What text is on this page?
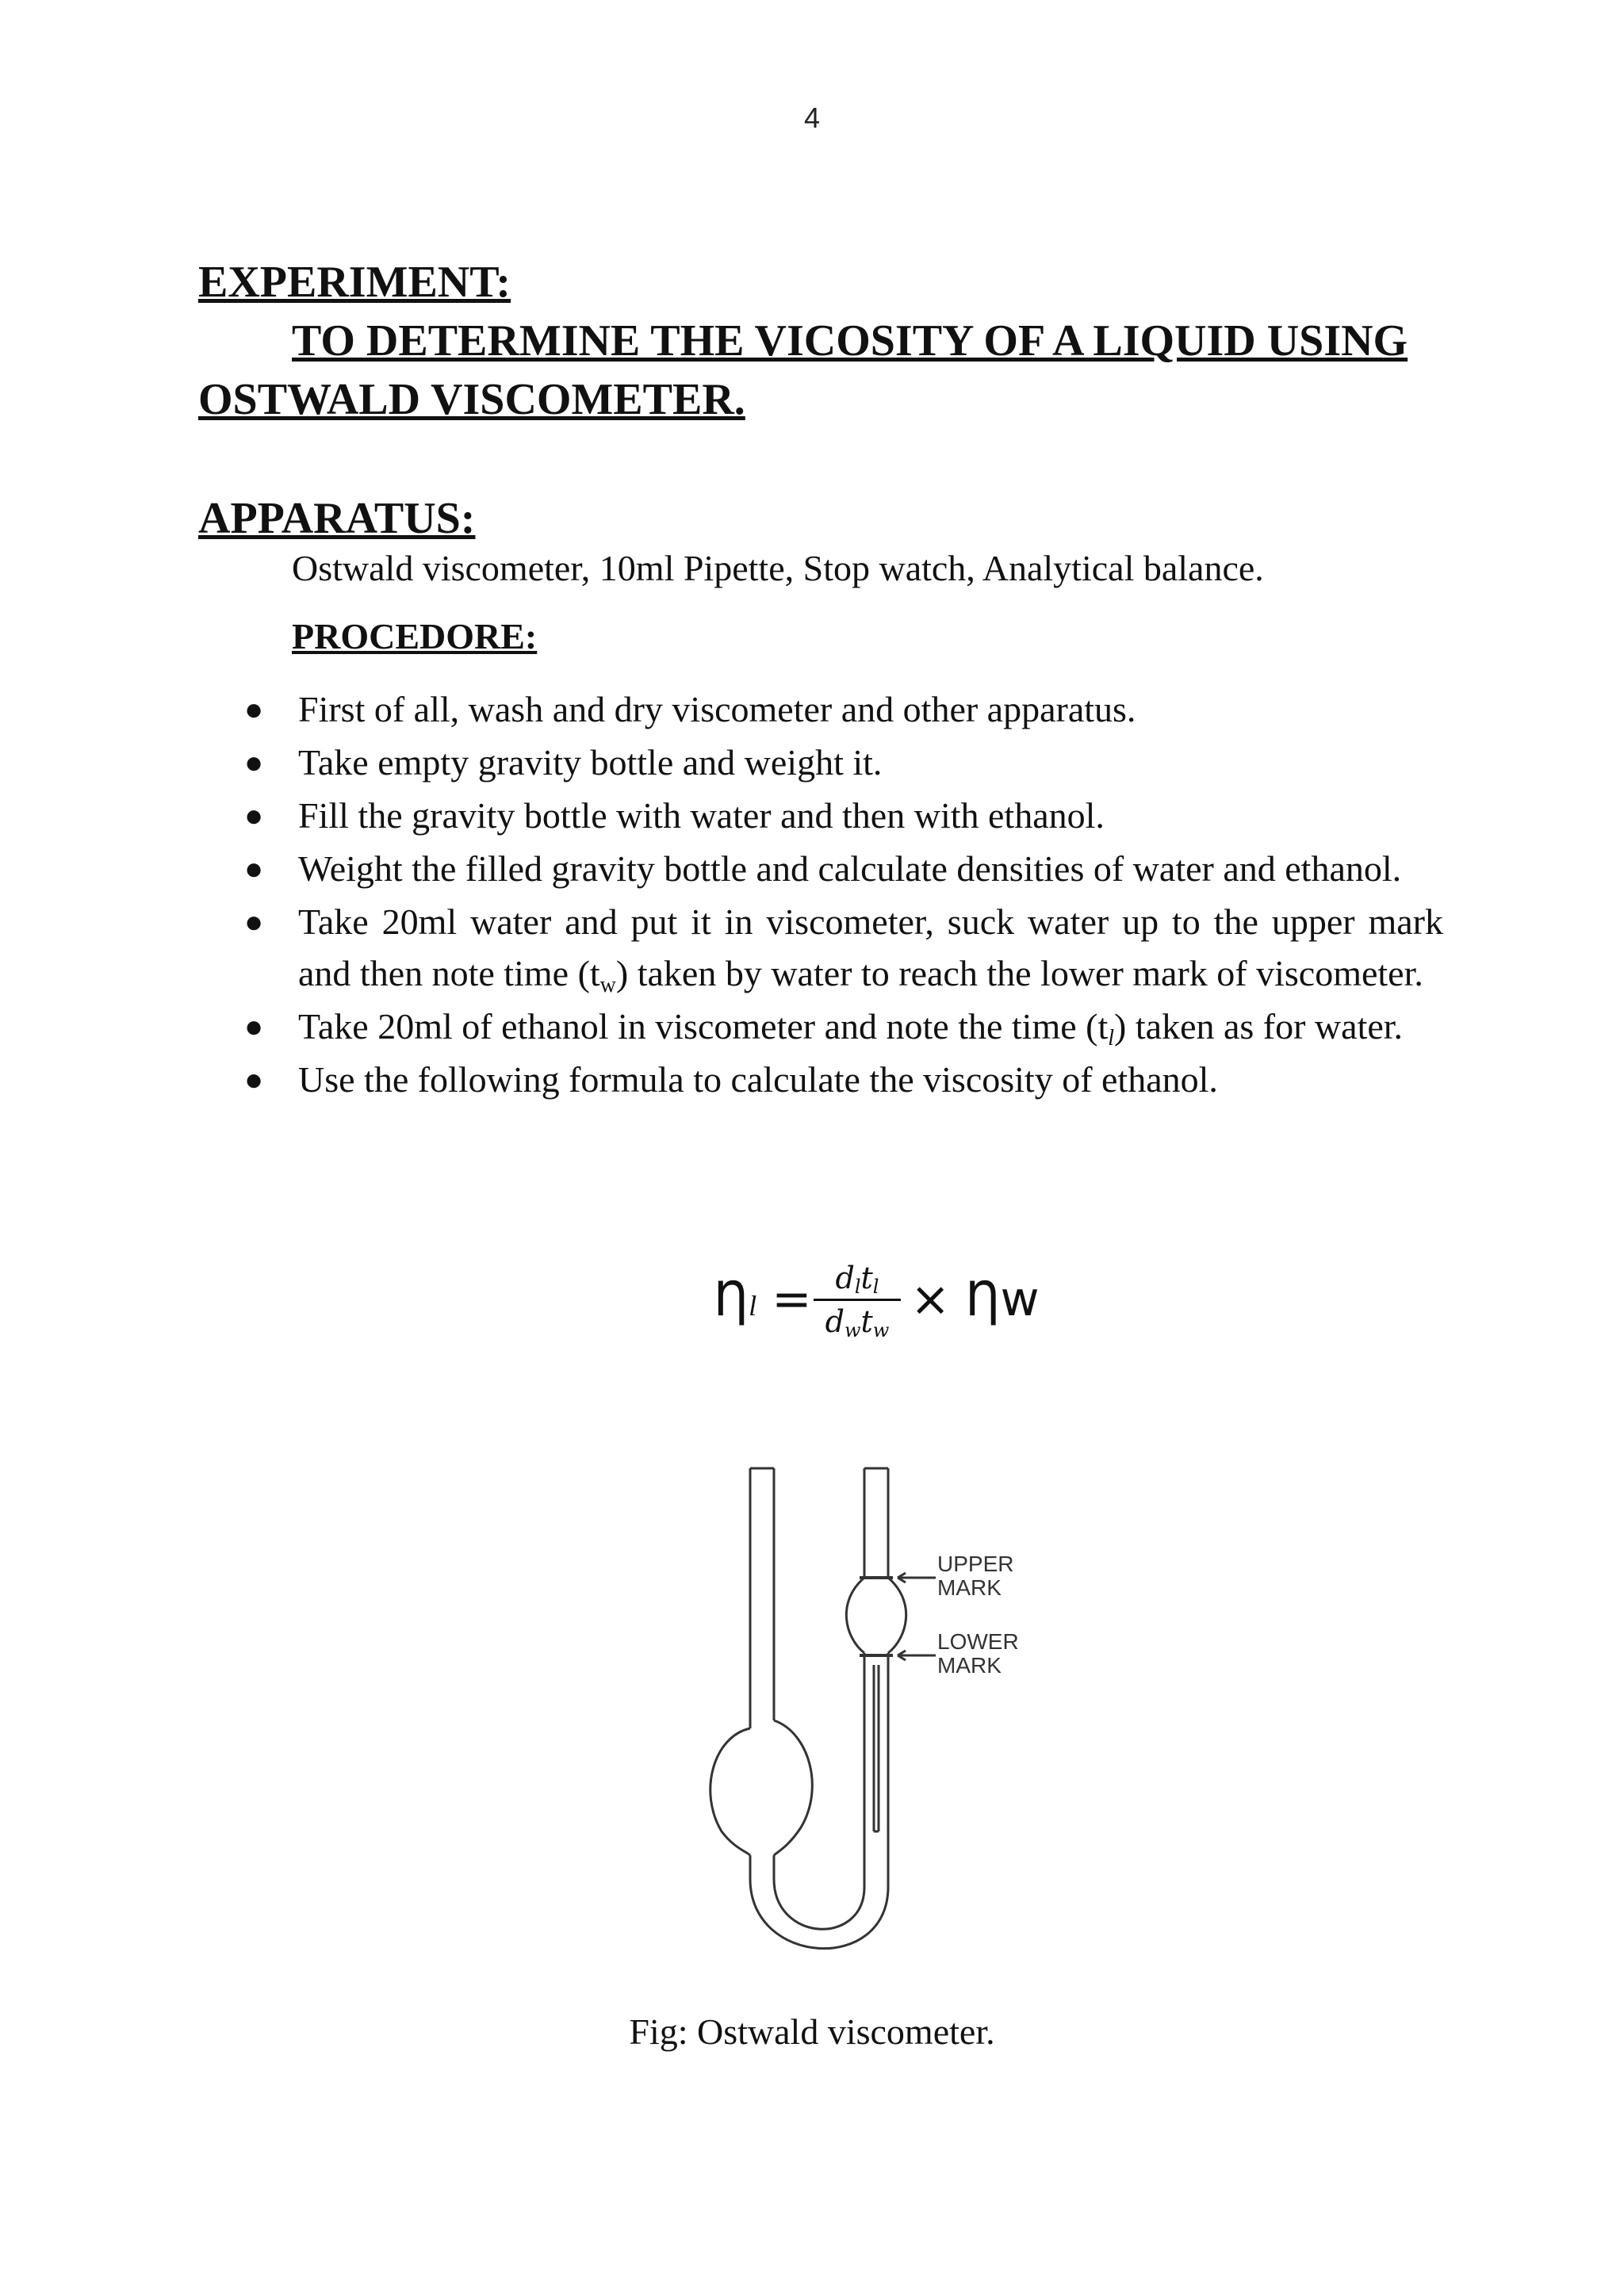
4
EXPERIMENT:
TO DETERMINE THE VICOSITY OF A LIQUID USING
OSTWALD VISCOMETER.
APPARATUS:
Ostwald viscometer, 10ml Pipette, Stop watch, Analytical balance.
PROCEDORE:
● First of all, wash and dry viscometer and other apparatus.
● Take empty gravity bottle and weight it.
● Fill the gravity bottle with water and then with ethanol.
● Weight the filled gravity bottle and calculate densities of water and ethanol.
● Take 20ml water and put it in viscometer, suck water up to the upper mark and then note time $(t_w)$ taken by water to reach the lower mark of viscometer.
● Take 20ml of ethanol in viscometer and note the time $(t_l)$ taken as for water.
● Use the following formula to calculate the viscosity of ethanol.
Ƞl = $d_lt_l$
$d_wt_w$
× Ƞw
UPPER
MARK
LOWER
MARK
Fig: Ostwald viscometer.
